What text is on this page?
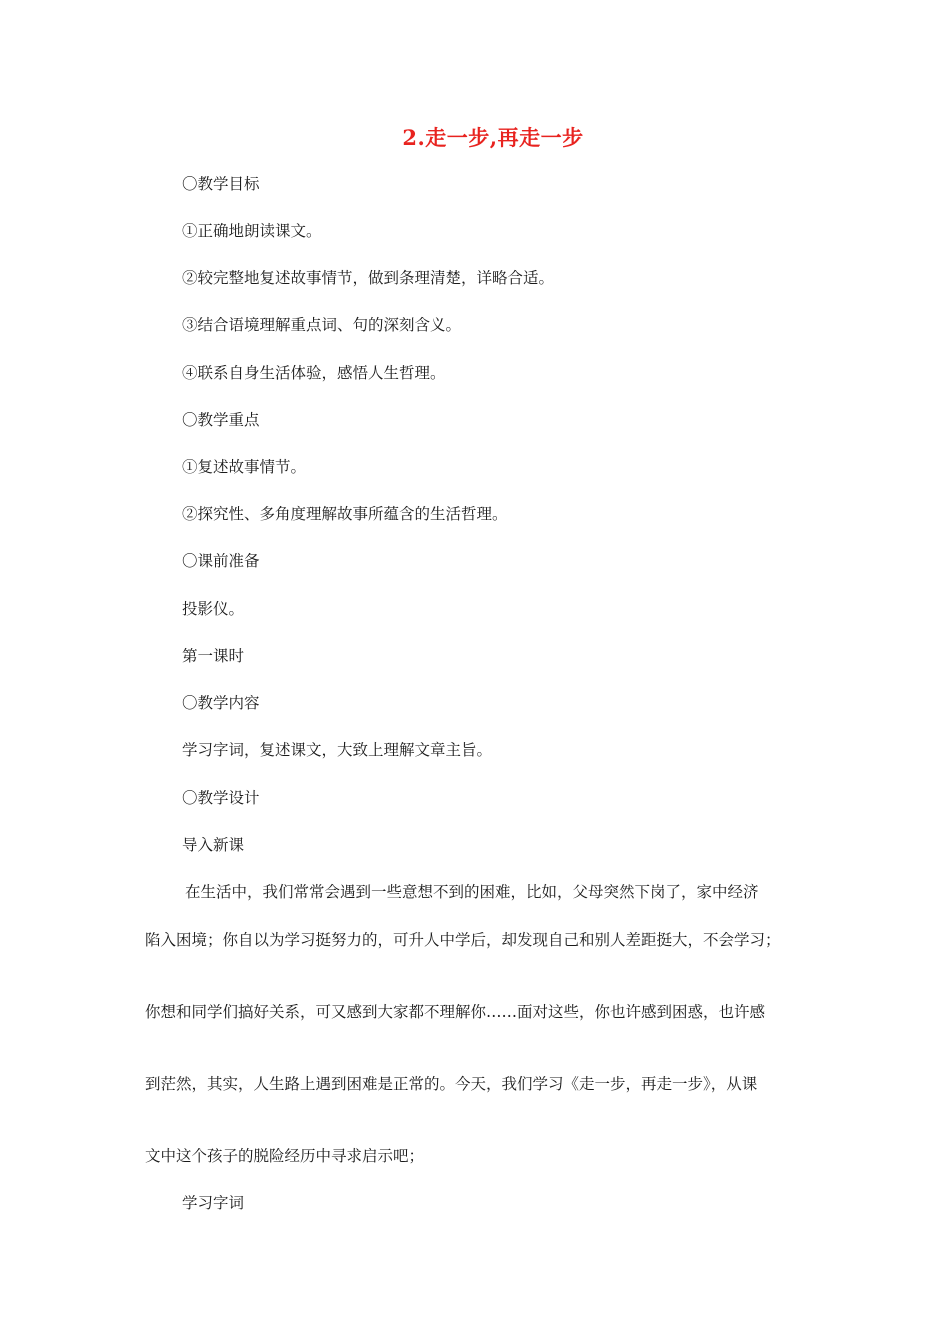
2.走一步,再走一步
〇教学目标
①正确地朗读课文。
②较完整地复述故事情节，做到条理清楚，详略合适。
③结合语境理解重点词、句的深刻含义。
④联系自身生活体验，感悟人生哲理。
〇教学重点
①复述故事情节。
②探究性、多角度理解故事所蕴含的生活哲理。
〇课前准备
投影仪。
第一课时
〇教学内容
学习字词，复述课文，大致上理解文章主旨。
〇教学设计
导入新课
在生活中，我们常常会遇到一些意想不到的困难，比如，父母突然下岗了，家中经济
陷入困境；你自以为学习挺努力的，可升人中学后，却发现自己和别人差距挺大，不会学习；
你想和同学们搞好关系，可又感到大家都不理解你……面对这些，你也许感到困惑，也许感
到茫然，其实，人生路上遇到困难是正常的。今天，我们学习《走一步，再走一步》，从课
文中这个孩子的脱险经历中寻求启示吧；
学习字词
